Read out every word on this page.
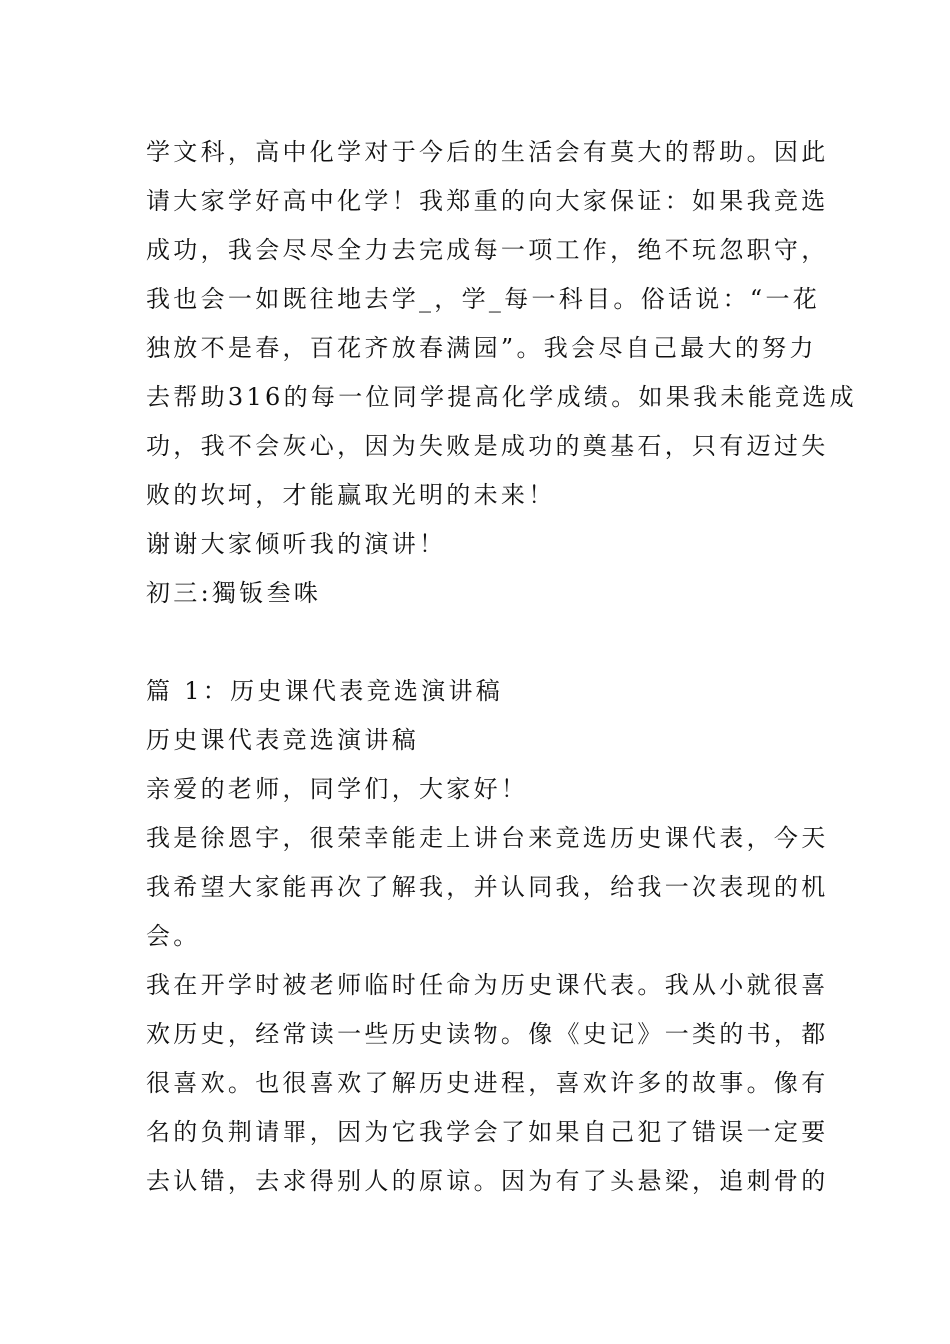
学文科，高中化学对于今后的生活会有莫大的帮助。因此
请大家学好高中化学！我郑重的向大家保证：如果我竞选
成功，我会尽尽全力去完成每一项工作，绝不玩忽职守，
我也会一如既往地去学_，学_每一科目。俗话说：“一花
独放不是春，百花齐放春满园”。我会尽自己最大的努力
去帮助316的每一位同学提高化学成绩。如果我未能竞选成
功，我不会灰心，因为失败是成功的奠基石，只有迈过失
败的坎坷，才能赢取光明的未来！
谢谢大家倾听我的演讲！
初三:獨钣叁咮
篇 1：历史课代表竞选演讲稿
历史课代表竞选演讲稿
亲爱的老师，同学们，大家好！
我是徐恩宇，很荣幸能走上讲台来竞选历史课代表，今天
我希望大家能再次了解我，并认同我，给我一次表现的机
会。
我在开学时被老师临时任命为历史课代表。我从小就很喜
欢历史，经常读一些历史读物。像《史记》一类的书，都
很喜欢。也很喜欢了解历史进程，喜欢许多的故事。像有
名的负荆请罪，因为它我学会了如果自己犯了错误一定要
去认错，去求得别人的原谅。因为有了头悬梁，追刺骨的
